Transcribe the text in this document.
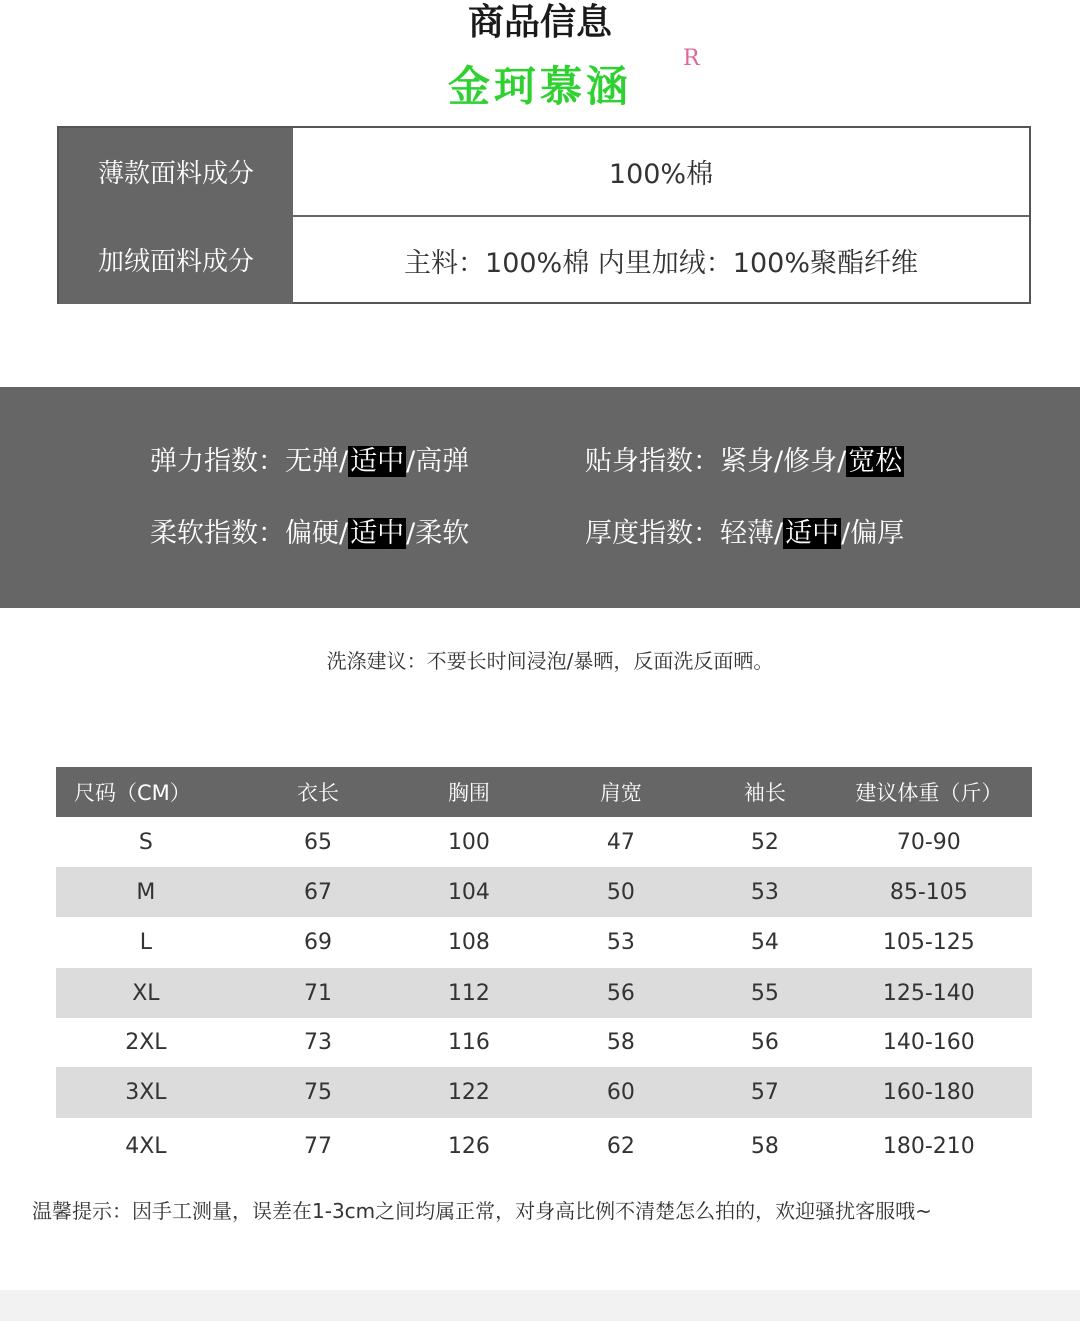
商品信息
金珂慕涵
R
薄款面料成分	100%棉
加绒面料成分	主料：100%棉 内里加绒：100%聚酯纤维
弹力指数：无弹/适中/高弹	贴身指数：紧身/修身/宽松
柔软指数：偏硬/适中/柔软	厚度指数：轻薄/适中/偏厚
洗涤建议：不要长时间浸泡/暴晒，反面洗反面晒。
尺码（CM）	衣长	胸围	肩宽	袖长	建议体重（斤）
S	65	100	47	52	70-90
M	67	104	50	53	85-105
L	69	108	53	54	105-125
XL	71	112	56	55	125-140
2XL	73	116	58	56	140-160
3XL	75	122	60	57	160-180
4XL	77	126	62	58	180-210
温馨提示：因手工测量，误差在1-3cm之间均属正常，对身高比例不清楚怎么拍的，欢迎骚扰客服哦~
